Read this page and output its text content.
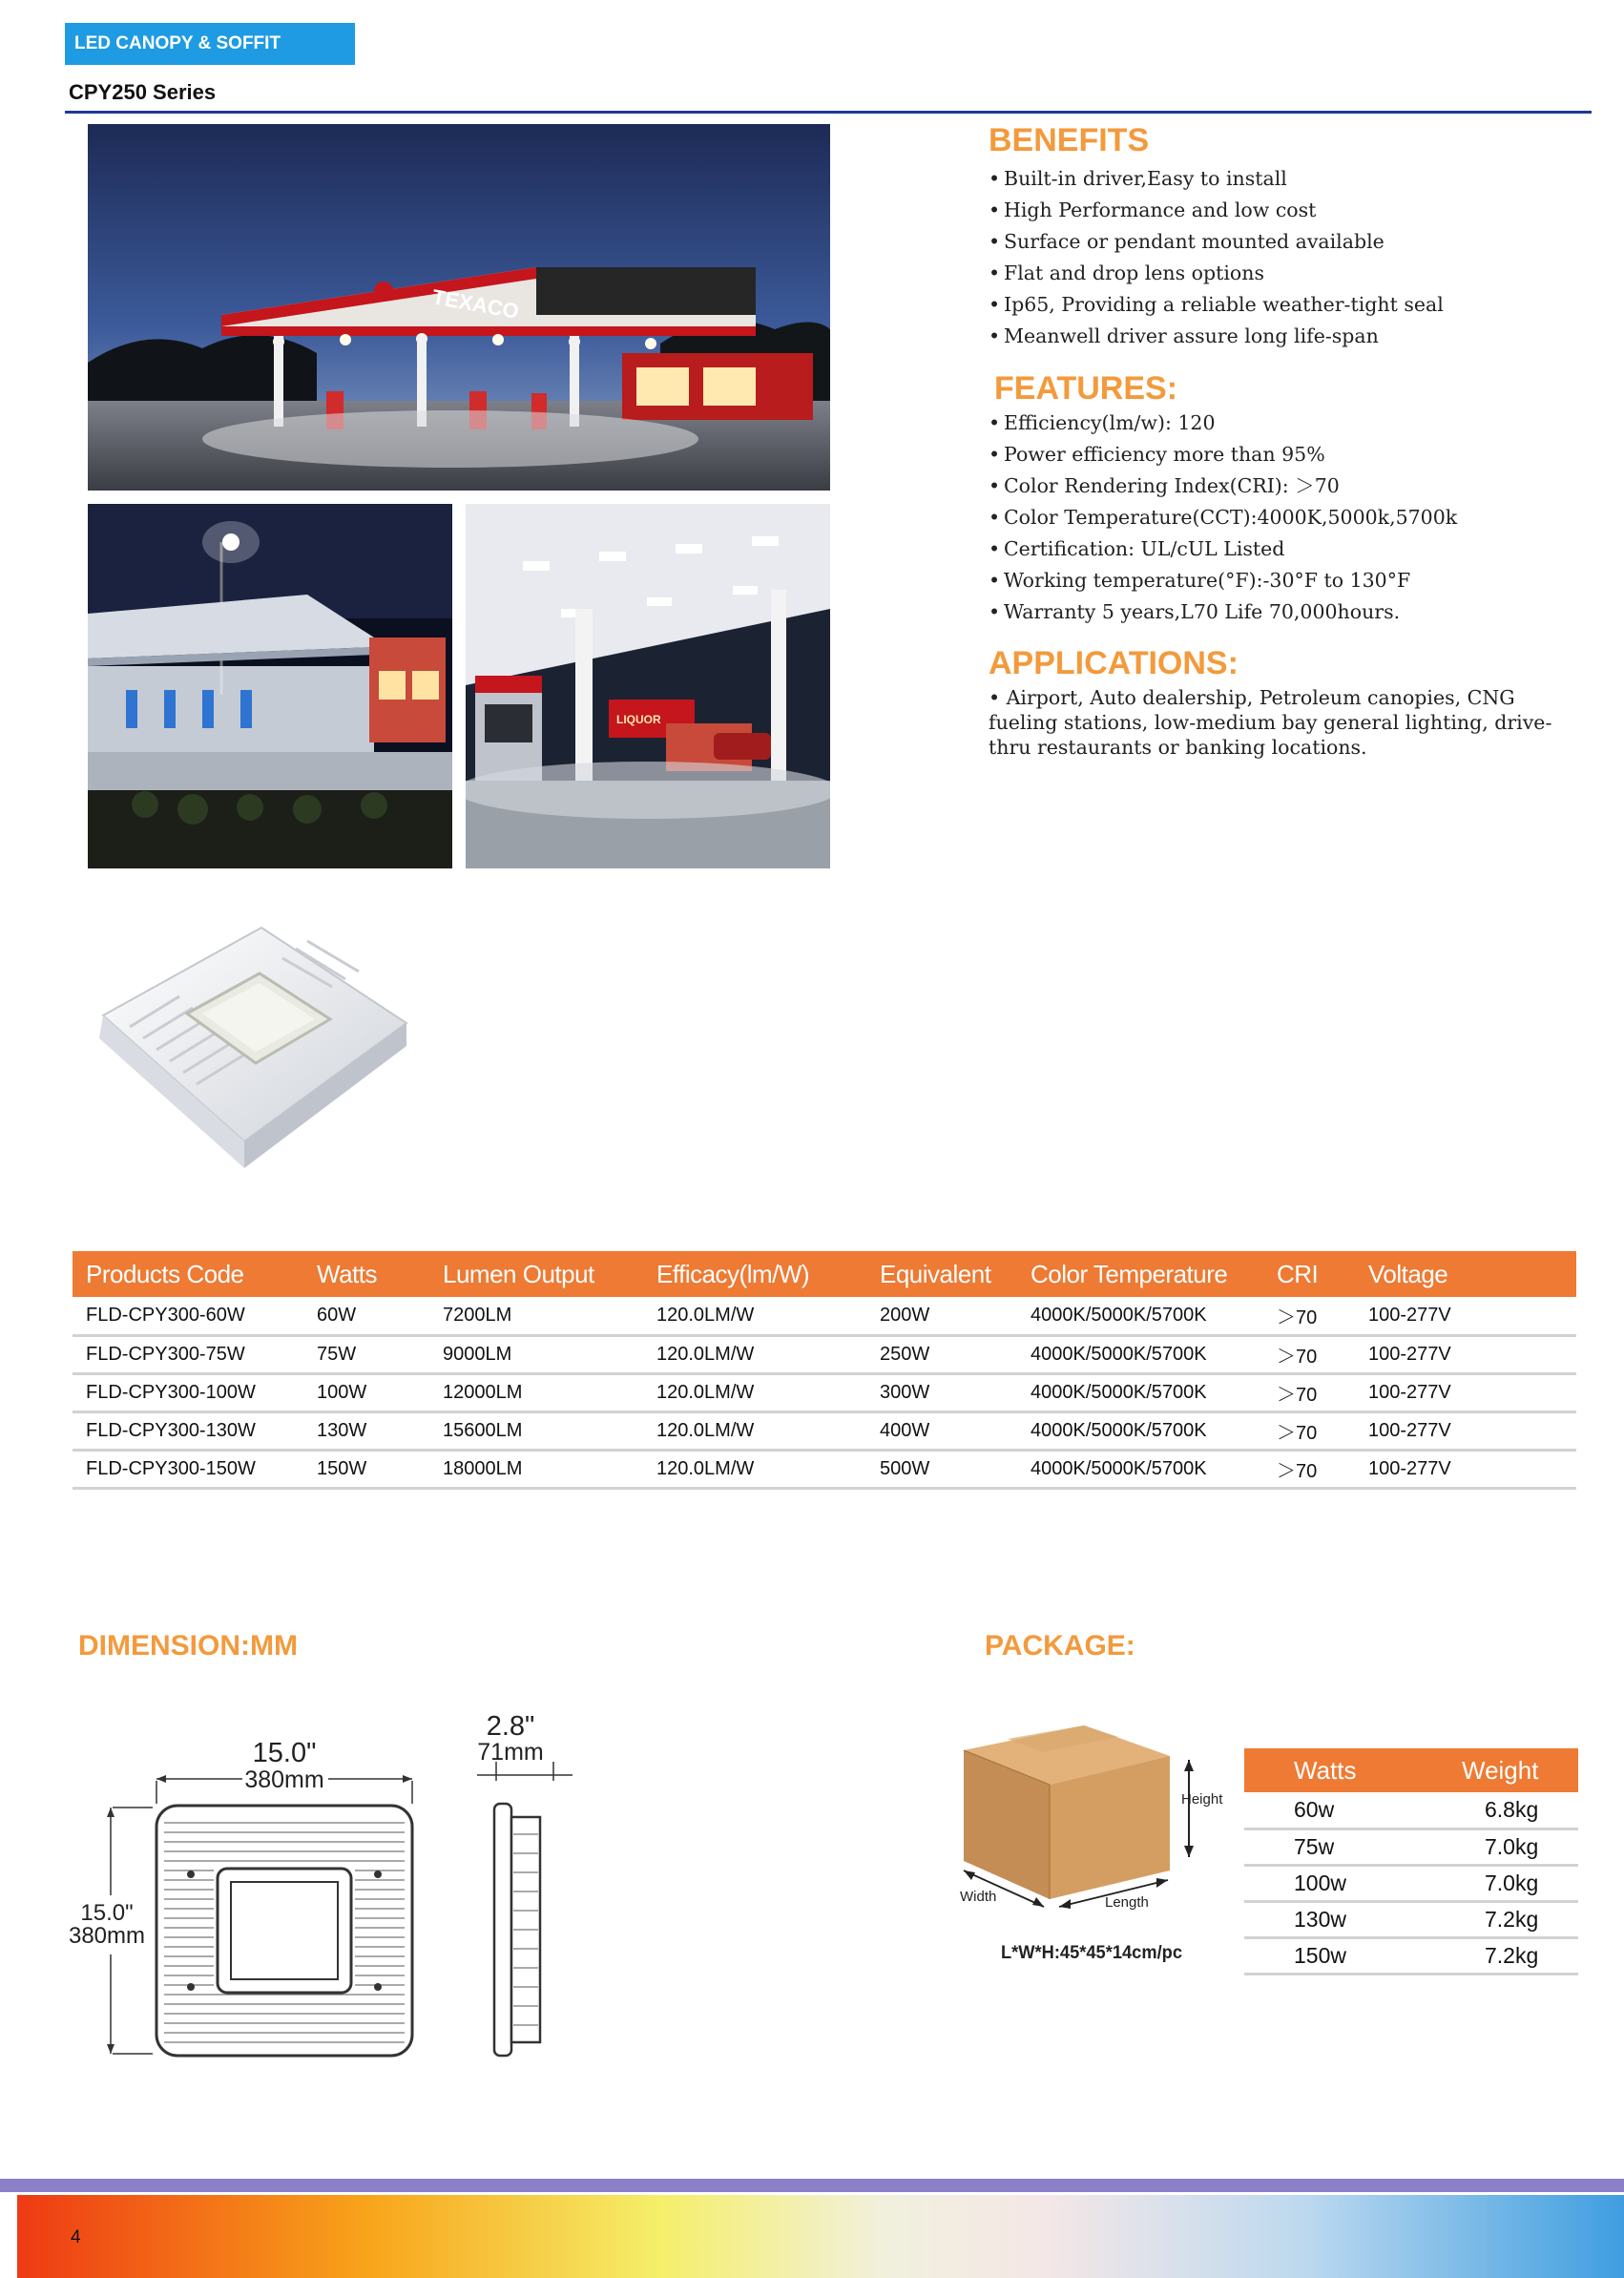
LED CANOPY & SOFFIT
CPY250 Series
TEXACO
LIQUOR
BENEFITS
• Built-in driver,Easy to install
• High Performance and low cost
• Surface or pendant mounted available
• Flat and drop lens options
• Ip65, Providing a reliable weather-tight seal
• Meanwell driver assure long life-span
FEATURES:
• Efficiency(lm/w): 120
• Power efficiency more than 95%
• Color Rendering Index(CRI): ＞70
• Color Temperature(CCT):4000K,5000k,5700k
• Certification: UL/cUL Listed
• Working temperature(°F):-30°F to 130°F
• Warranty 5 years,L70 Life 70,000hours.
APPLICATIONS:
• Airport, Auto dealership, Petroleum canopies, CNG fueling stations, low-medium bay general lighting, drive-thru restaurants or banking locations.
Products Code	Watts	Lumen Output	Efficacy(lm/W)	Equivalent	Color Temperature	CRI	Voltage
FLD-CPY300-60W	60W	7200LM	120.0LM/W	200W	4000K/5000K/5700K	＞70	100-277V
FLD-CPY300-75W	75W	9000LM	120.0LM/W	250W	4000K/5000K/5700K	＞70	100-277V
FLD-CPY300-100W	100W	12000LM	120.0LM/W	300W	4000K/5000K/5700K	＞70	100-277V
FLD-CPY300-130W	130W	15600LM	120.0LM/W	400W	4000K/5000K/5700K	＞70	100-277V
FLD-CPY300-150W	150W	18000LM	120.0LM/W	500W	4000K/5000K/5700K	＞70	100-277V
DIMENSION:MM
15.0"
380mm
15.0"
380mm
2.8"
71mm
PACKAGE:
Height
Width	Length
L*W*H:45*45*14cm/pc
Watts	Weight
60w	6.8kg
75w	7.0kg
100w	7.0kg
130w	7.2kg
150w	7.2kg
4
